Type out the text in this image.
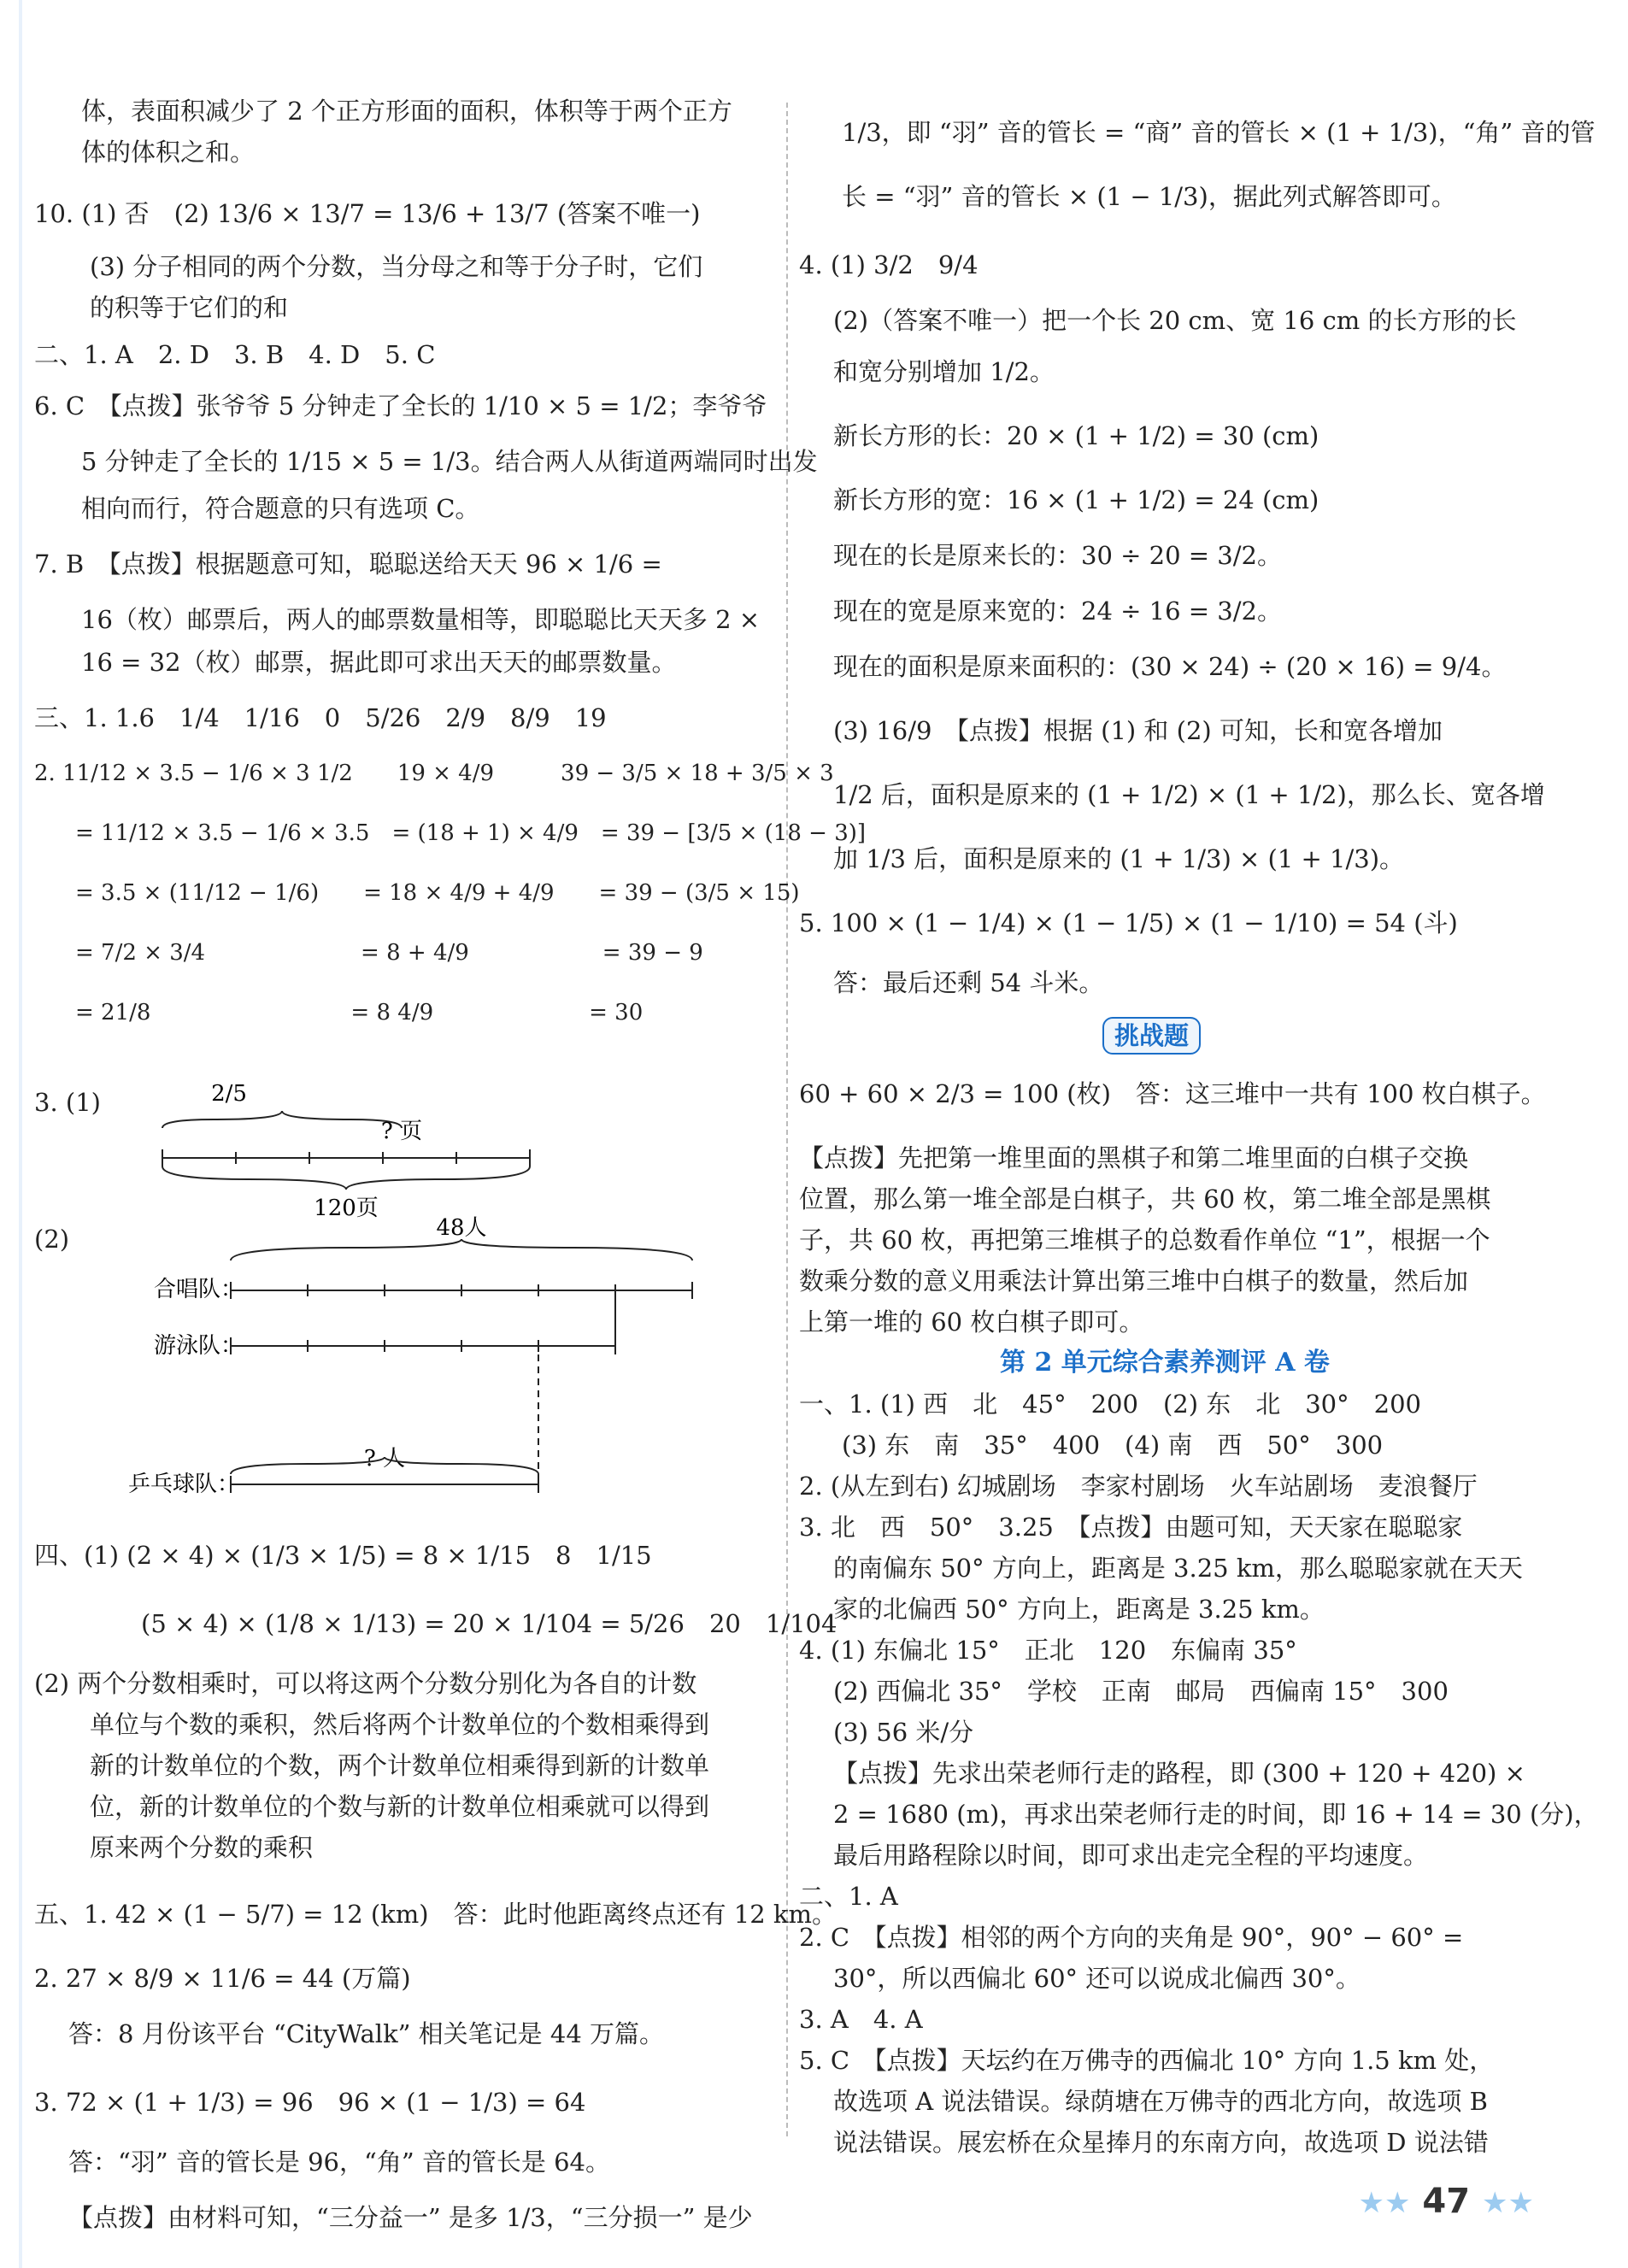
体，表面积减少了 2 个正方形面的面积，体积等于两个正方
体的体积之和。
10. (1) 否　(2) 13/6 × 13/7 = 13/6 + 13/7 (答案不唯一)
(3) 分子相同的两个分数，当分母之和等于分子时，它们
的积等于它们的和
二、1. A　2. D　3. B　4. D　5. C
6. C　【点拨】张爷爷 5 分钟走了全长的 1/10 × 5 = 1/2；李爷爷
5 分钟走了全长的 1/15 × 5 = 1/3。结合两人从街道两端同时出发
相向而行，符合题意的只有选项 C。
7. B　【点拨】根据题意可知，聪聪送给天天 96 × 1/6 =
16（枚）邮票后，两人的邮票数量相等，即聪聪比天天多 2 ×
16 = 32（枚）邮票，据此即可求出天天的邮票数量。
三、1. 1.6　1/4　1/16　0　5/26　2/9　8/9　19
2. 11/12 × 3.5 − 1/6 × 3 1/2　　19 × 4/9　　　39 − 3/5 × 18 + 3/5 × 3
= 11/12 × 3.5 − 1/6 × 3.5　= (18 + 1) × 4/9　= 39 − [3/5 × (18 − 3)]
= 3.5 × (11/12 − 1/6)　　= 18 × 4/9 + 4/9　　= 39 − (3/5 × 15)
= 7/2 × 3/4　　　　　　　= 8 + 4/9　　　　　　= 39 − 9
= 21/8　　　　　　　　　= 8 4/9　　　　　　　= 30
3. (1)	2/5
? 页
120页
(2)	48人
合唱队：
游泳队：
? 人
乒乓球队：
四、(1) (2 × 4) × (1/3 × 1/5) = 8 × 1/15　8　1/15
(5 × 4) × (1/8 × 1/13) = 20 × 1/104 = 5/26　20　1/104
(2) 两个分数相乘时，可以将这两个分数分别化为各自的计数
单位与个数的乘积，然后将两个计数单位的个数相乘得到
新的计数单位的个数，两个计数单位相乘得到新的计数单
位，新的计数单位的个数与新的计数单位相乘就可以得到
原来两个分数的乘积
五、1. 42 × (1 − 5/7) = 12 (km)　答：此时他距离终点还有 12 km。
2. 27 × 8/9 × 11/6 = 44 (万篇)
答：8 月份该平台 “CityWalk” 相关笔记是 44 万篇。
3. 72 × (1 + 1/3) = 96　96 × (1 − 1/3) = 64
答：“羽” 音的管长是 96，“角” 音的管长是 64。
【点拨】由材料可知，“三分益一” 是多 1/3，“三分损一” 是少
1/3，即 “羽” 音的管长 = “商” 音的管长 × (1 + 1/3)，“角” 音的管
长 = “羽” 音的管长 × (1 − 1/3)，据此列式解答即可。
4. (1) 3/2　9/4
(2)（答案不唯一）把一个长 20 cm、宽 16 cm 的长方形的长
和宽分别增加 1/2。
新长方形的长：20 × (1 + 1/2) = 30 (cm)
新长方形的宽：16 × (1 + 1/2) = 24 (cm)
现在的长是原来长的：30 ÷ 20 = 3/2。
现在的宽是原来宽的：24 ÷ 16 = 3/2。
现在的面积是原来面积的：(30 × 24) ÷ (20 × 16) = 9/4。
(3) 16/9　【点拨】根据 (1) 和 (2) 可知，长和宽各增加
1/2 后，面积是原来的 (1 + 1/2) × (1 + 1/2)，那么长、宽各增
加 1/3 后，面积是原来的 (1 + 1/3) × (1 + 1/3)。
5. 100 × (1 − 1/4) × (1 − 1/5) × (1 − 1/10) = 54 (斗)
答：最后还剩 54 斗米。
挑战题
60 + 60 × 2/3 = 100 (枚)　答：这三堆中一共有 100 枚白棋子。
【点拨】先把第一堆里面的黑棋子和第二堆里面的白棋子交换
位置，那么第一堆全部是白棋子，共 60 枚，第二堆全部是黑棋
子，共 60 枚，再把第三堆棋子的总数看作单位 “1”，根据一个
数乘分数的意义用乘法计算出第三堆中白棋子的数量，然后加
上第一堆的 60 枚白棋子即可。
第 2 单元综合素养测评 A 卷
一、1. (1) 西　北　45°　200　(2) 东　北　30°　200
(3) 东　南　35°　400　(4) 南　西　50°　300
2. (从左到右) 幻城剧场　李家村剧场　火车站剧场　麦浪餐厅
3. 北　西　50°　3.25　【点拨】由题可知，天天家在聪聪家
的南偏东 50° 方向上，距离是 3.25 km，那么聪聪家就在天天
家的北偏西 50° 方向上，距离是 3.25 km。
4. (1) 东偏北 15°　正北　120　东偏南 35°
(2) 西偏北 35°　学校　正南　邮局　西偏南 15°　300
(3) 56 米/分
【点拨】先求出荣老师行走的路程，即 (300 + 120 + 420) ×
2 = 1680 (m)，再求出荣老师行走的时间，即 16 + 14 = 30 (分)，
最后用路程除以时间，即可求出走完全程的平均速度。
二、1. A
2. C　【点拨】相邻的两个方向的夹角是 90°，90° − 60° =
30°，所以西偏北 60° 还可以说成北偏西 30°。
3. A　4. A
5. C　【点拨】天坛约在万佛寺的西偏北 10° 方向 1.5 km 处，
故选项 A 说法错误。绿荫塘在万佛寺的西北方向，故选项 B
说法错误。展宏桥在众星捧月的东南方向，故选项 D 说法错
★★ 47 ★★
